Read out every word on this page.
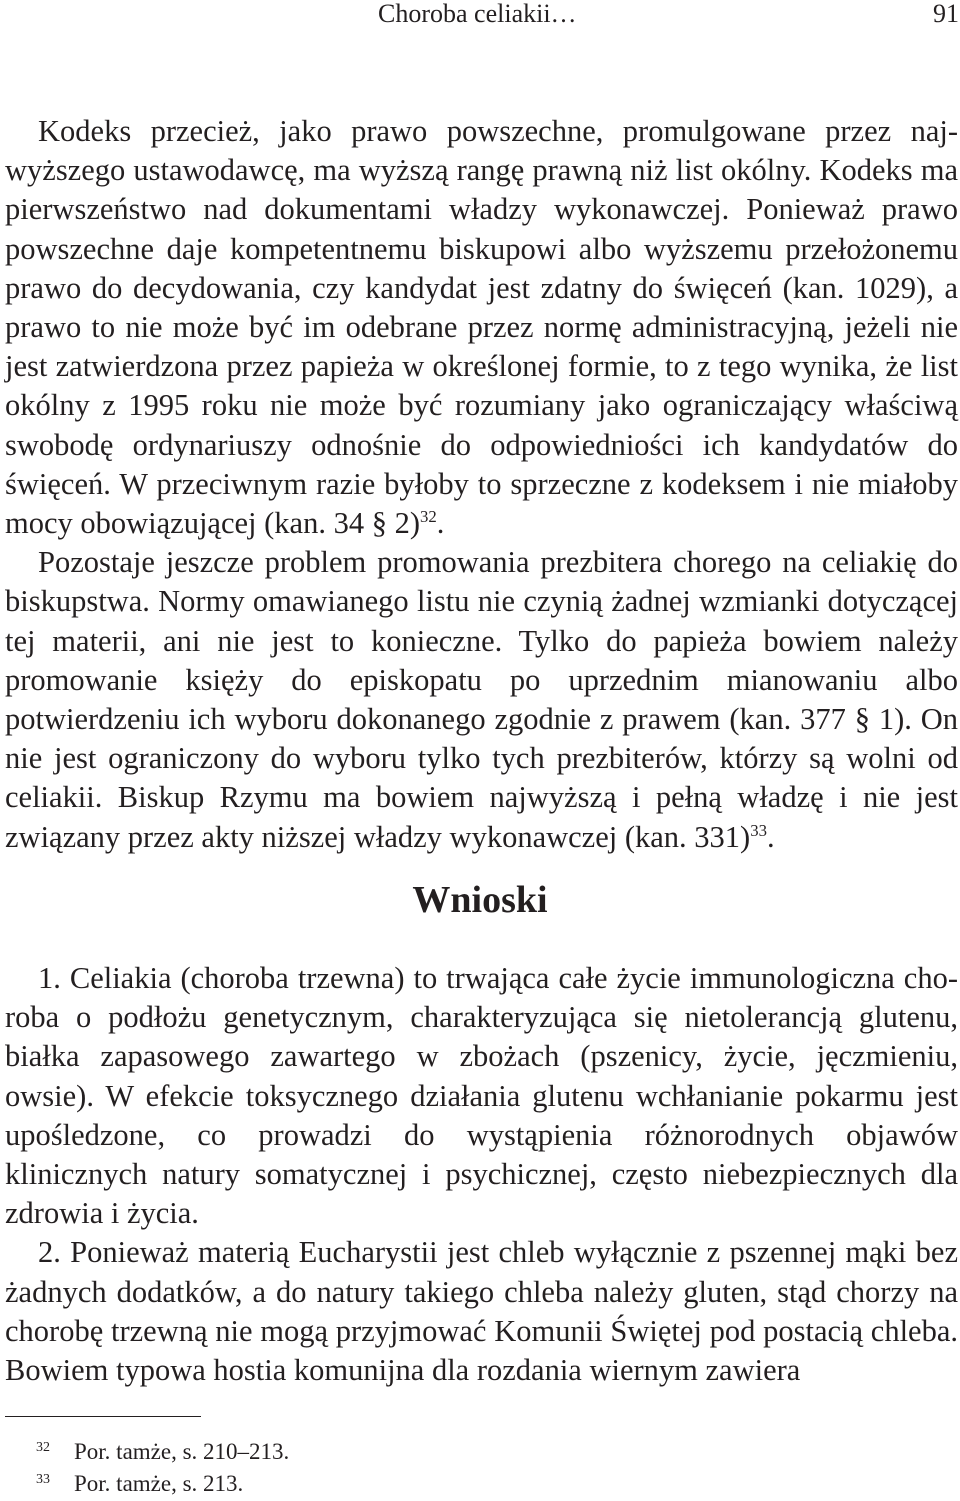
Choroba celiakii…	91

Kodeks przecież, jako prawo powszechne, promulgowane przez najwyższego ustawodawcę, ma wyższą rangę prawną niż list okólny. Kodeks ma pierwszeństwo nad dokumentami władzy wykonawczej. Ponieważ prawo powszechne daje kompetentnemu biskupowi albo wyższemu przełożonemu prawo do decydowania, czy kandydat jest zdatny do święceń (kan. 1029), a prawo to nie może być im odebrane przez normę administracyjną, jeżeli nie jest zatwierdzona przez papieża w określonej formie, to z tego wynika, że list okólny z 1995 roku nie może być rozumiany jako ograniczający właściwą swobodę ordynariuszy odnośnie do odpowiedniości ich kandydatów do święceń. W przeciwnym razie byłoby to sprzeczne z kodeksem i nie miałoby mocy obowiązującej (kan. 34 § 2)$^{32}$.

Pozostaje jeszcze problem promowania prezbitera chorego na celiakię do biskupstwa. Normy omawianego listu nie czynią żadnej wzmianki dotyczącej tej materii, ani nie jest to konieczne. Tylko do papieża bowiem należy promowanie księży do episkopatu po uprzednim mianowaniu albo potwierdzeniu ich wyboru dokonanego zgodnie z prawem (kan. 377 § 1). On nie jest ograniczony do wyboru tylko tych prezbiterów, którzy są wolni od celiakii. Biskup Rzymu ma bowiem najwyższą i pełną władzę i nie jest związany przez akty niższej władzy wykonawczej (kan. 331)$^{33}$.

Wnioski

1. Celiakia (choroba trzewna) to trwająca całe życie immunologiczna choroba o podłożu genetycznym, charakteryzująca się nietolerancją glutenu, białka zapasowego zawartego w zbożach (pszenicy, życie, jęczmieniu, owsie). W efekcie toksycznego działania glutenu wchłanianie pokarmu jest upośledzone, co prowadzi do wystąpienia różnorodnych objawów klinicznych natury somatycznej i psychicznej, często niebezpiecznych dla zdrowia i życia.

2. Ponieważ materią Eucharystii jest chleb wyłącznie z pszennej mąki bez żadnych dodatków, a do natury takiego chleba należy gluten, stąd chorzy na chorobę trzewną nie mogą przyjmować Komunii Świętej pod postacią chleba. Bowiem typowa hostia komunijna dla rozdania wiernym zawiera

32 Por. tamże, s. 210–213.
33 Por. tamże, s. 213.
